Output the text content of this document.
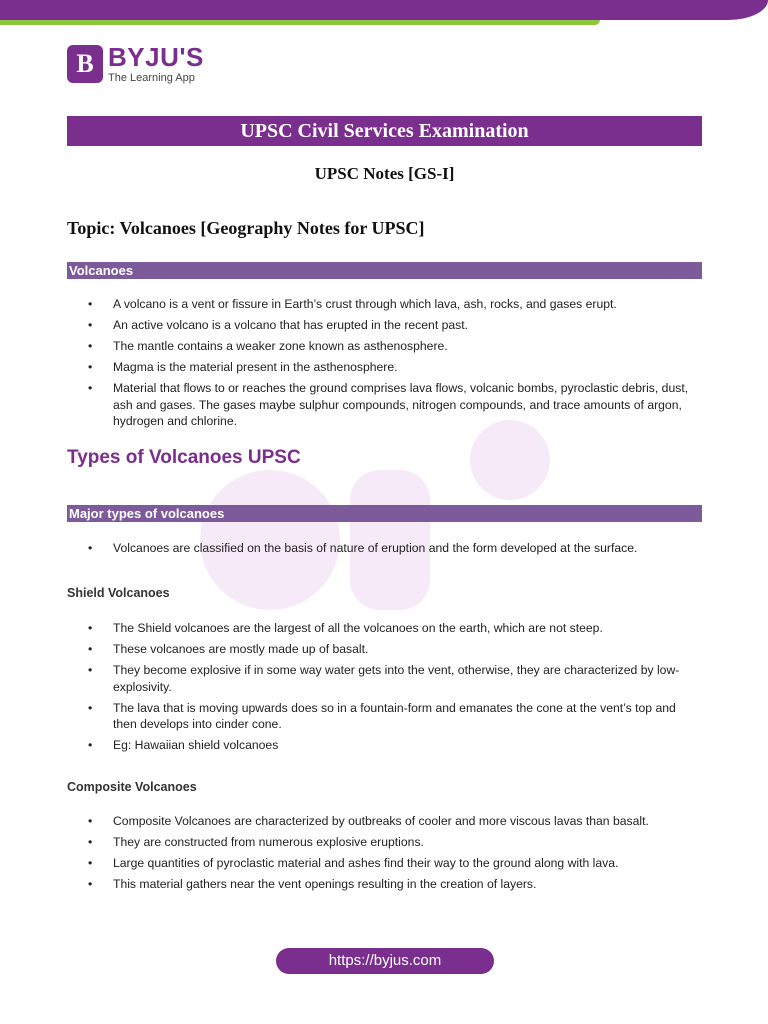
B BYJU'S
The Learning App
UPSC Civil Services Examination
UPSC Notes [GS-I]
Topic: Volcanoes [Geography Notes for UPSC]
Volcanoes
• A volcano is a vent or fissure in Earth’s crust through which lava, ash, rocks, and gases erupt.
• An active volcano is a volcano that has erupted in the recent past.
• The mantle contains a weaker zone known as asthenosphere.
• Magma is the material present in the asthenosphere.
• Material that flows to or reaches the ground comprises lava flows, volcanic bombs, pyroclastic debris, dust, ash and gases. The gases maybe sulphur compounds, nitrogen compounds, and trace amounts of argon, hydrogen and chlorine.
Types of Volcanoes UPSC
Major types of volcanoes
• Volcanoes are classified on the basis of nature of eruption and the form developed at the surface.
Shield Volcanoes
• The Shield volcanoes are the largest of all the volcanoes on the earth, which are not steep.
• These volcanoes are mostly made up of basalt.
• They become explosive if in some way water gets into the vent, otherwise, they are characterized by low-explosivity.
• The lava that is moving upwards does so in a fountain-form and emanates the cone at the vent’s top and then develops into cinder cone.
• Eg: Hawaiian shield volcanoes
Composite Volcanoes
• Composite Volcanoes are characterized by outbreaks of cooler and more viscous lavas than basalt.
• They are constructed from numerous explosive eruptions.
• Large quantities of pyroclastic material and ashes find their way to the ground along with lava.
• This material gathers near the vent openings resulting in the creation of layers.
https://byjus.com
